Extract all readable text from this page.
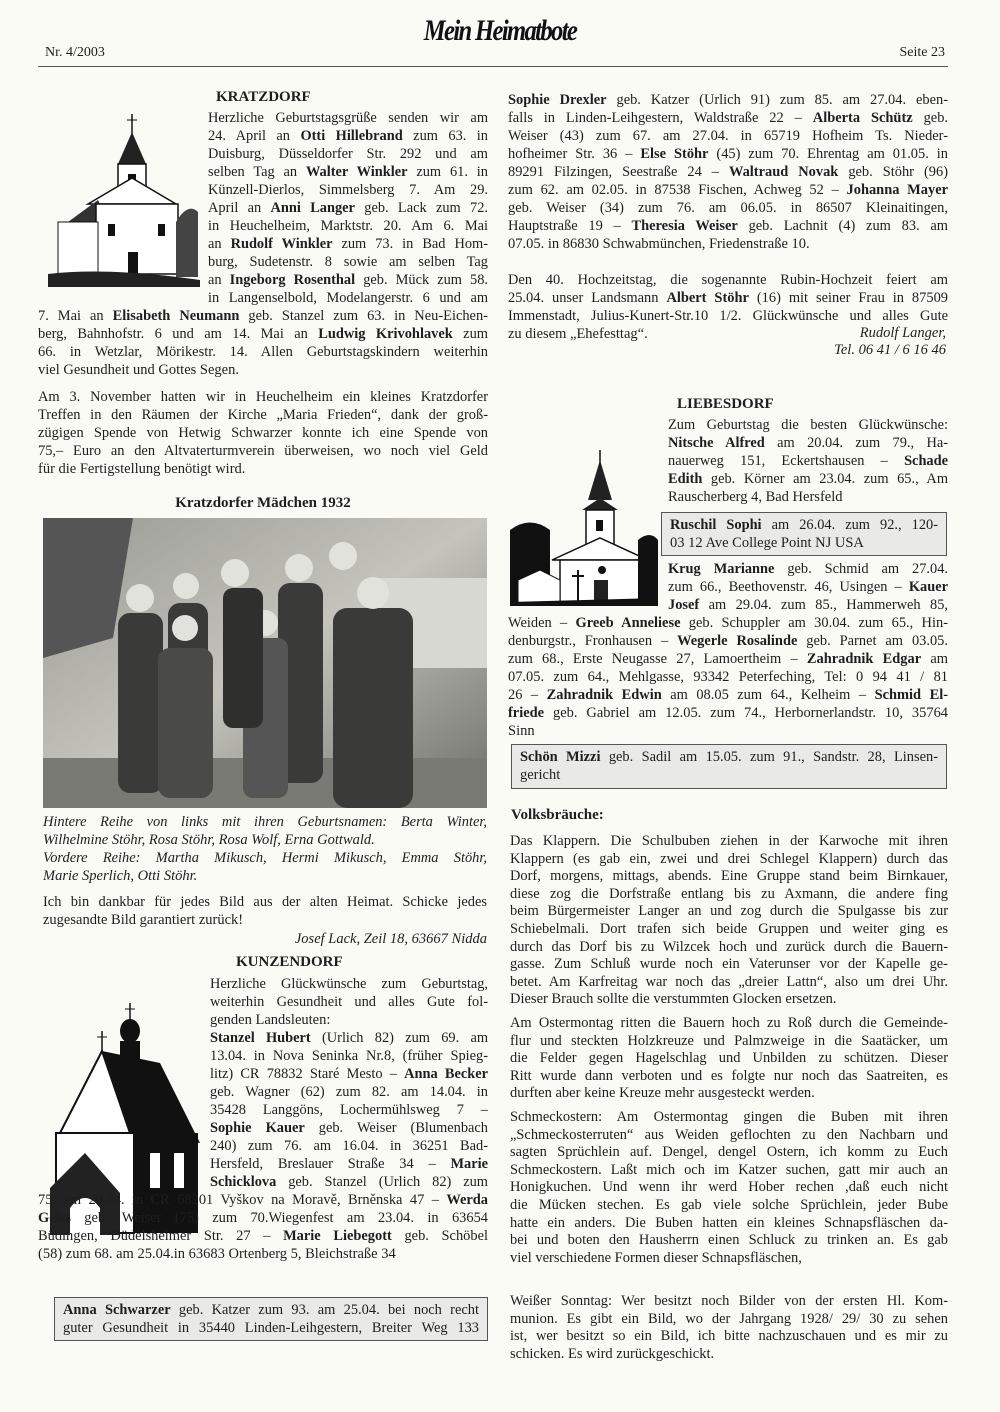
Nr. 4/2003
Mein Heimatbote
Seite 23
KRATZDORF
Herzliche Geburtstagsgrüße senden wir am
24. April an Otti Hillebrand zum 63. in
Duisburg, Düsseldorfer Str. 292 und am
selben Tag an Walter Winkler zum 61. in
Künzell-Dierlos, Simmelsberg 7. Am 29.
April an Anni Langer geb. Lack zum 72.
in Heuchelheim, Marktstr. 20. Am 6. Mai
an Rudolf Winkler zum 73. in Bad Hom-
burg, Sudetenstr. 8 sowie am selben Tag
an Ingeborg Rosenthal geb. Mück zum 58.
in Langenselbold, Modelangerstr. 6 und am
7. Mai an Elisabeth Neumann geb. Stanzel zum 63. in Neu-Eichen-
berg, Bahnhofstr. 6 und am 14. Mai an Ludwig Krivohlavek zum
66. in Wetzlar, Mörikestr. 14. Allen Geburtstagskindern weiterhin
viel Gesundheit und Gottes Segen.
Am 3. November hatten wir in Heuchelheim ein kleines Kratzdorfer
Treffen in den Räumen der Kirche „Maria Frieden“, dank der groß-
zügigen Spende von Hetwig Schwarzer konnte ich eine Spende von
75,– Euro an den Altvaterturmverein überweisen, wo noch viel Geld
für die Fertigstellung benötigt wird.
Kratzdorfer Mädchen 1932
Hintere Reihe von links mit ihren Geburtsnamen: Berta Winter,
Wilhelmine Stöhr, Rosa Stöhr, Rosa Wolf, Erna Gottwald.
Vordere Reihe: Martha Mikusch, Hermi Mikusch, Emma Stöhr,
Marie Sperlich, Otti Stöhr.
Ich bin dankbar für jedes Bild aus der alten Heimat. Schicke jedes
zugesandte Bild garantiert zurück!
Josef Lack, Zeil 18, 63667 Nidda
KUNZENDORF
Herzliche Glückwünsche zum Geburtstag,
weiterhin Gesundheit und alles Gute fol-
genden Landsleuten:
Stanzel Hubert (Urlich 82) zum 69. am
13.04. in Nova Seninka Nr.8, (früher Spieg-
litz) CR 78832 Staré Mesto – Anna Becker
geb. Wagner (62) zum 82. am 14.04. in
35428 Langgöns, Lochermühlsweg 7 –
Sophie Kauer geb. Weiser (Blumenbach
240) zum 76. am 16.04. in 36251 Bad-
Hersfeld, Breslauer Straße 34 – Marie
Schicklova geb. Stanzel (Urlich 82) zum
75. am 20.04. in CR 68201 Vyškov na Moravě, Brněnska 47 – Werda
Geiss geb. Weiser (75) zum 70.Wiegenfest am 23.04. in 63654
Büdingen, Düdelsheimer Str. 27 – Marie Liebegott geb. Schöbel
(58) zum 68. am 25.04.in 63683 Ortenberg 5, Bleichstraße 34
Anna Schwarzer geb. Katzer zum 93. am 25.04. bei noch recht
guter Gesundheit in 35440 Linden-Leihgestern, Breiter Weg 133
Sophie Drexler geb. Katzer (Urlich 91) zum 85. am 27.04. eben-
falls in Linden-Leihgestern, Waldstraße 22 – Alberta Schütz geb.
Weiser (43) zum 67. am 27.04. in 65719 Hofheim Ts. Nieder-
hofheimer Str. 36 – Else Stöhr (45) zum 70. Ehrentag am 01.05. in
89291 Filzingen, Seestraße 24 – Waltraud Novak geb. Stöhr (96)
zum 62. am 02.05. in 87538 Fischen, Achweg 52 – Johanna Mayer
geb. Weiser (34) zum 76. am 06.05. in 86507 Kleinaitingen,
Hauptstraße 19 – Theresia Weiser geb. Lachnit (4) zum 83. am
07.05. in 86830 Schwabmünchen, Friedenstraße 10.
Den 40. Hochzeitstag, die sogenannte Rubin-Hochzeit feiert am
25.04. unser Landsmann Albert Stöhr (16) mit seiner Frau in 87509
Immenstadt, Julius-Kunert-Str.10 1/2. Glückwünsche und alles Gute
zu diesem „Ehefesttag“.	Rudolf Langer,
Tel. 06 41 / 6 16 46
LIEBESDORF
Zum Geburtstag die besten Glückwünsche:
Nitsche Alfred am 20.04. zum 79., Ha-
nauerweg 151, Eckertshausen – Schade
Edith geb. Körner am 23.04. zum 65., Am
Rauscherberg 4, Bad Hersfeld
Ruschil Sophi am 26.04. zum 92., 120-
03 12 Ave College Point NJ USA
Krug Marianne geb. Schmid am 27.04.
zum 66., Beethovenstr. 46, Usingen – Kauer
Josef am 29.04. zum 85., Hammerweh 85,
Weiden – Greeb Anneliese geb. Schuppler am 30.04. zum 65., Hin-
denburgstr., Fronhausen – Wegerle Rosalinde geb. Parnet am 03.05.
zum 68., Erste Neugasse 27, Lamoertheim – Zahradnik Edgar am
07.05. zum 64., Mehlgasse, 93342 Peterfeching, Tel: 0 94 41 / 81
26 – Zahradnik Edwin am 08.05 zum 64., Kelheim – Schmid El-
friede geb. Gabriel am 12.05. zum 74., Herbornerlandstr. 10, 35764
Sinn
Schön Mizzi geb. Sadil am 15.05. zum 91., Sandstr. 28, Linsen-
gericht
Volksbräuche:
Das Klappern. Die Schulbuben ziehen in der Karwoche mit ihren
Klappern (es gab ein, zwei und drei Schlegel Klappern) durch das
Dorf, morgens, mittags, abends. Eine Gruppe stand beim Birnkauer,
diese zog die Dorfstraße entlang bis zu Axmann, die andere fing
beim Bürgermeister Langer an und zog durch die Spulgasse bis zur
Schiebelmali. Dort trafen sich beide Gruppen und weiter ging es
durch das Dorf bis zu Wilzcek hoch und zurück durch die Bauern-
gasse. Zum Schluß wurde noch ein Vaterunser vor der Kapelle ge-
betet. Am Karfreitag war noch das „dreier Lattn“, also um drei Uhr.
Dieser Brauch sollte die verstummten Glocken ersetzen.
Am Ostermontag ritten die Bauern hoch zu Roß durch die Gemeinde-
flur und steckten Holzkreuze und Palmzweige in die Saatäcker, um
die Felder gegen Hagelschlag und Unbilden zu schützen. Dieser
Ritt wurde dann verboten und es folgte nur noch das Saatreiten, es
durften aber keine Kreuze mehr ausgesteckt werden.
Schmeckostern: Am Ostermontag gingen die Buben mit ihren
„Schmeckosterruten“ aus Weiden geflochten zu den Nachbarn und
sagten Sprüchlein auf. Dengel, dengel Ostern, ich komm zu Euch
Schmeckostern. Laßt mich och im Katzer suchen, gatt mir auch an
Honigkuchen. Und wenn ihr werd Hober rechen ,daß euch nicht
die Mücken stechen. Es gab viele solche Sprüchlein, jeder Bube
hatte ein anders. Die Buben hatten ein kleines Schnapsfläschen da-
bei und boten den Hausherrn einen Schluck zu trinken an. Es gab
viel verschiedene Formen dieser Schnapsfläschen,
Weißer Sonntag: Wer besitzt noch Bilder von der ersten Hl. Kom-
munion. Es gibt ein Bild, wo der Jahrgang 1928/ 29/ 30 zu sehen
ist, wer besitzt so ein Bild, ich bitte nachzuschauen und es mir zu
schicken. Es wird zurückgeschickt.
